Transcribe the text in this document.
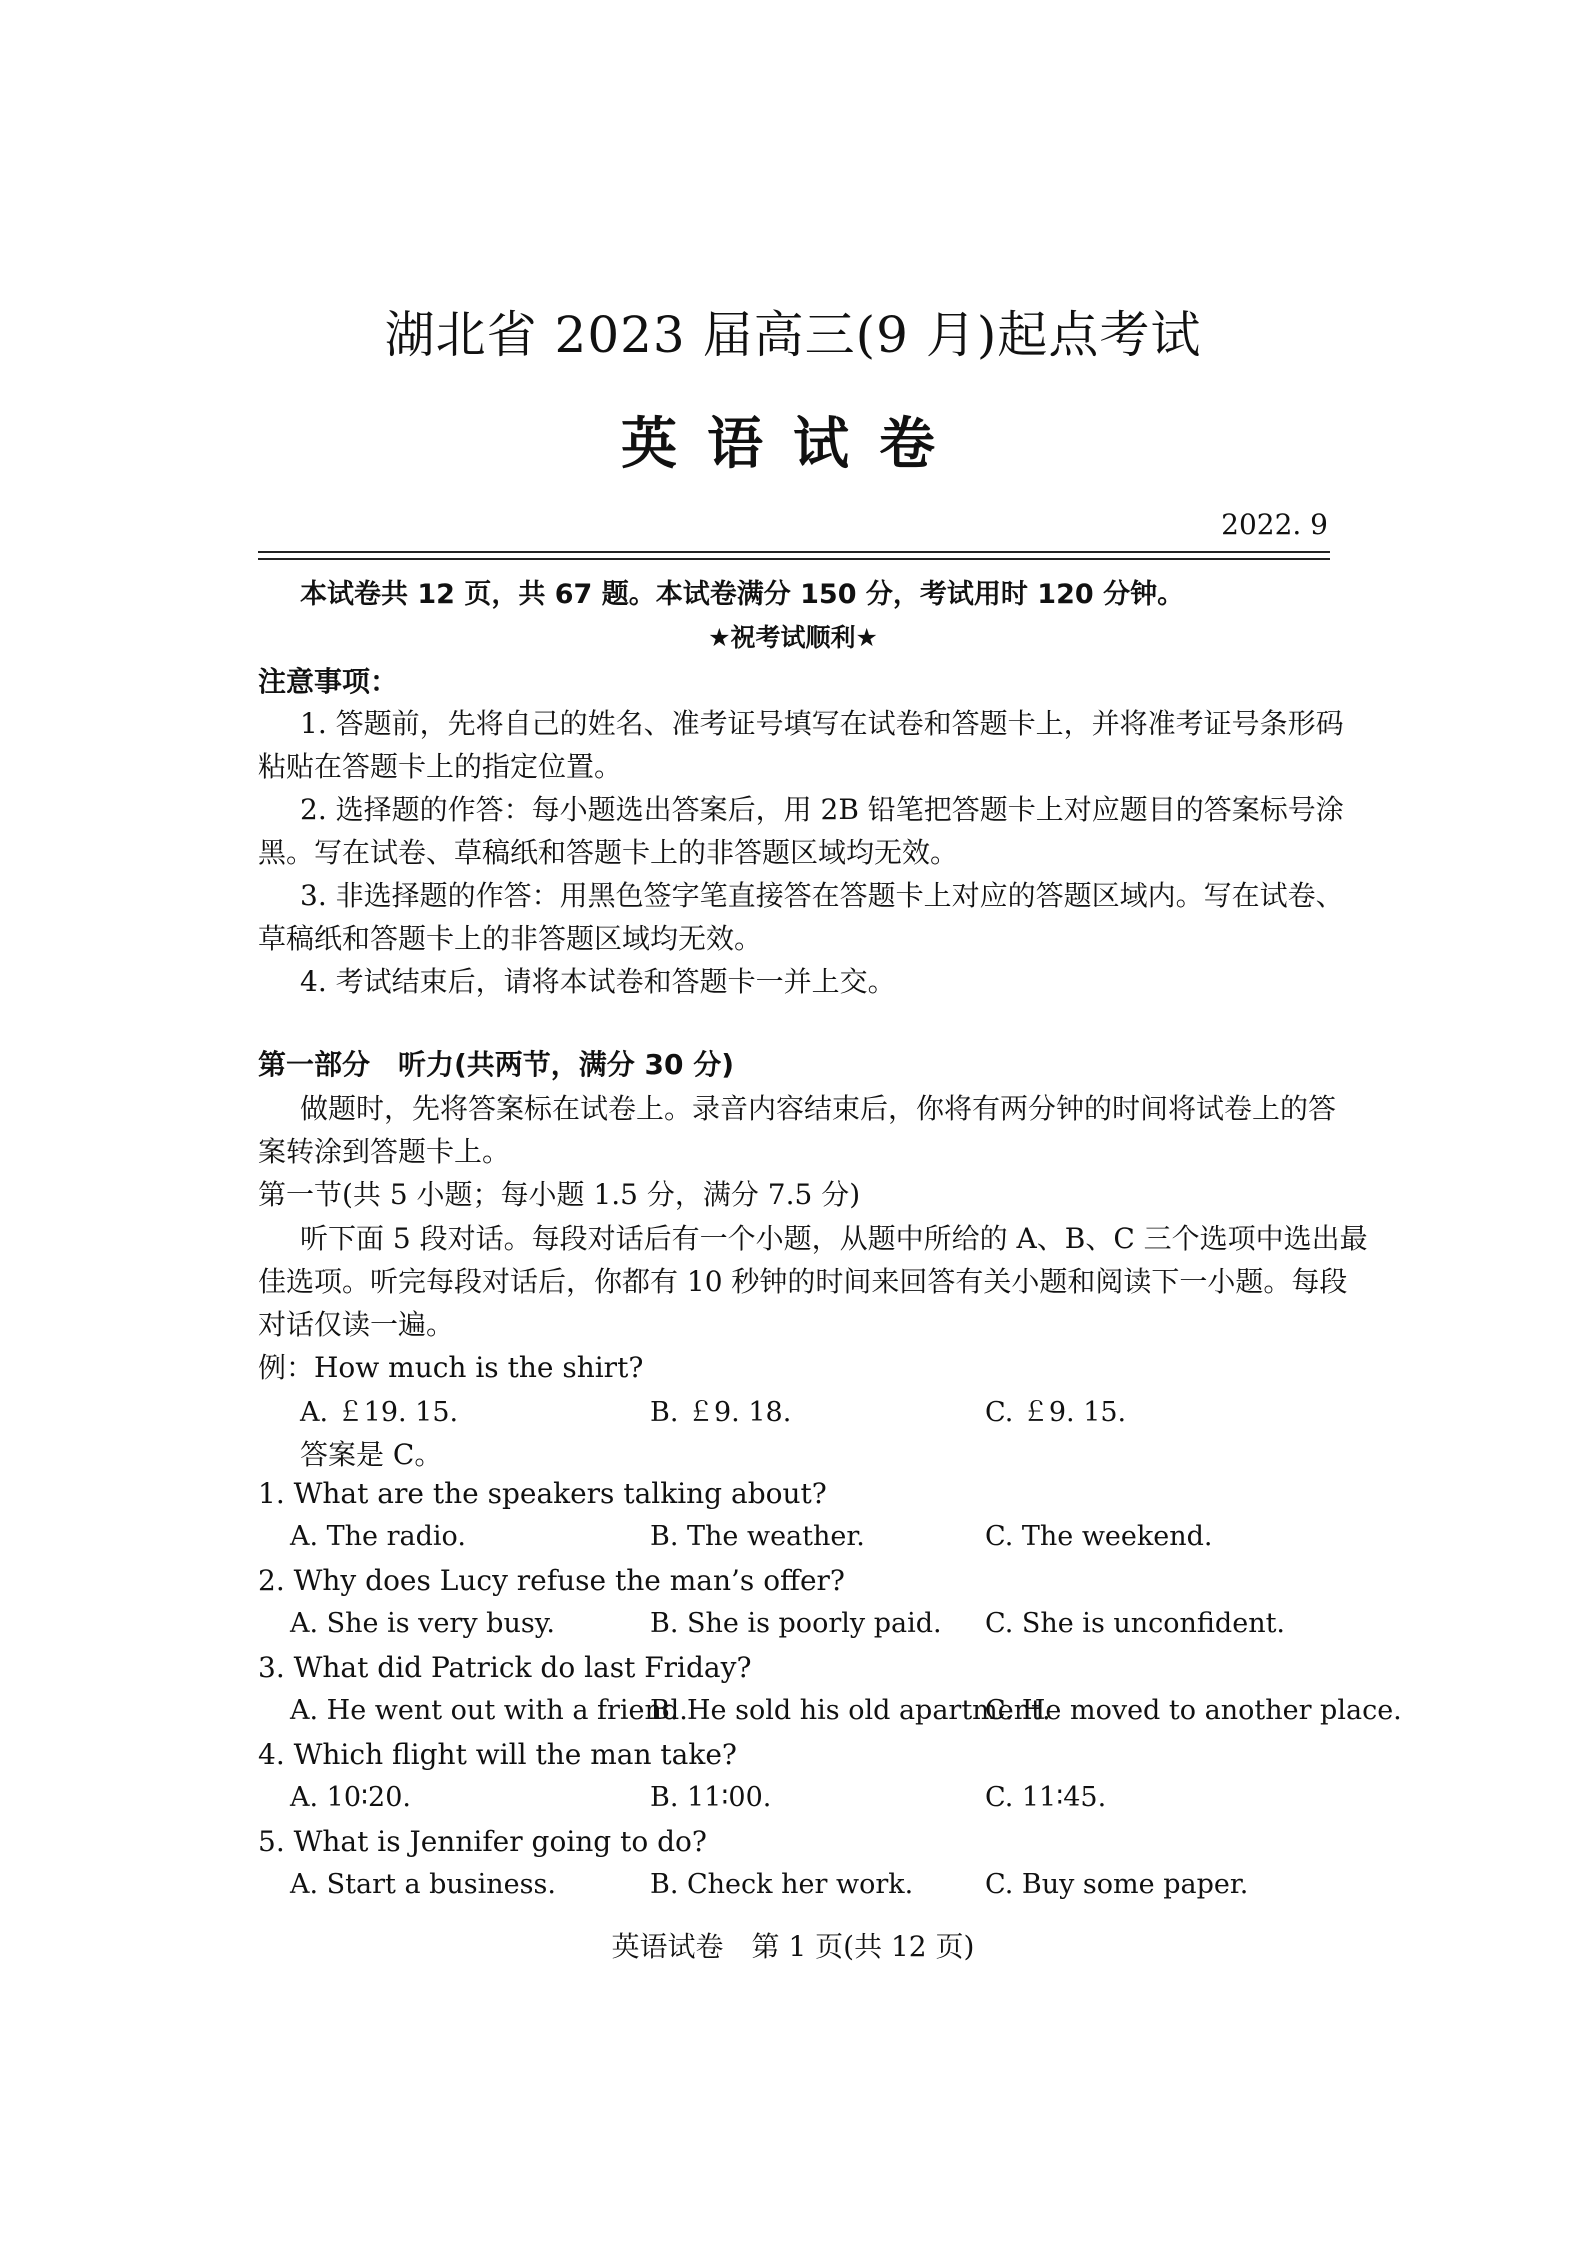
湖北省 2023 届高三(9 月)起点考试
英语试卷
2022. 9
本试卷共 12 页，共 67 题。本试卷满分 150 分，考试用时 120 分钟。
★祝考试顺利★
注意事项：
1. 答题前，先将自己的姓名、准考证号填写在试卷和答题卡上，并将准考证号条形码
粘贴在答题卡上的指定位置。
2. 选择题的作答：每小题选出答案后，用 2B 铅笔把答题卡上对应题目的答案标号涂
黑。写在试卷、草稿纸和答题卡上的非答题区域均无效。
3. 非选择题的作答：用黑色签字笔直接答在答题卡上对应的答题区域内。写在试卷、
草稿纸和答题卡上的非答题区域均无效。
4. 考试结束后，请将本试卷和答题卡一并上交。
第一部分　听力(共两节，满分 30 分)
做题时，先将答案标在试卷上。录音内容结束后，你将有两分钟的时间将试卷上的答
案转涂到答题卡上。
第一节(共 5 小题；每小题 1.5 分，满分 7.5 分)
听下面 5 段对话。每段对话后有一个小题，从题中所给的 A、B、C 三个选项中选出最
佳选项。听完每段对话后，你都有 10 秒钟的时间来回答有关小题和阅读下一小题。每段
对话仅读一遍。
例：How much is the shirt?
A. ￡19. 15.	B. ￡9. 18.	C. ￡9. 15.
答案是 C。
1. What are the speakers talking about?
A. The radio.	B. The weather.	C. The weekend.
2. Why does Lucy refuse the man’s offer?
A. She is very busy.	B. She is poorly paid. C. She is unconfident.
3. What did Patrick do last Friday?
A. He went out with a friend.
B. He sold his old apartment.
C. He moved to another place.
4. Which flight will the man take?
A. 10∶20.	B. 11∶00.	C. 11∶45.
5. What is Jennifer going to do?
A. Start a business.	B. Check her work.	C. Buy some paper.
英语试卷　第 1 页(共 12 页)
